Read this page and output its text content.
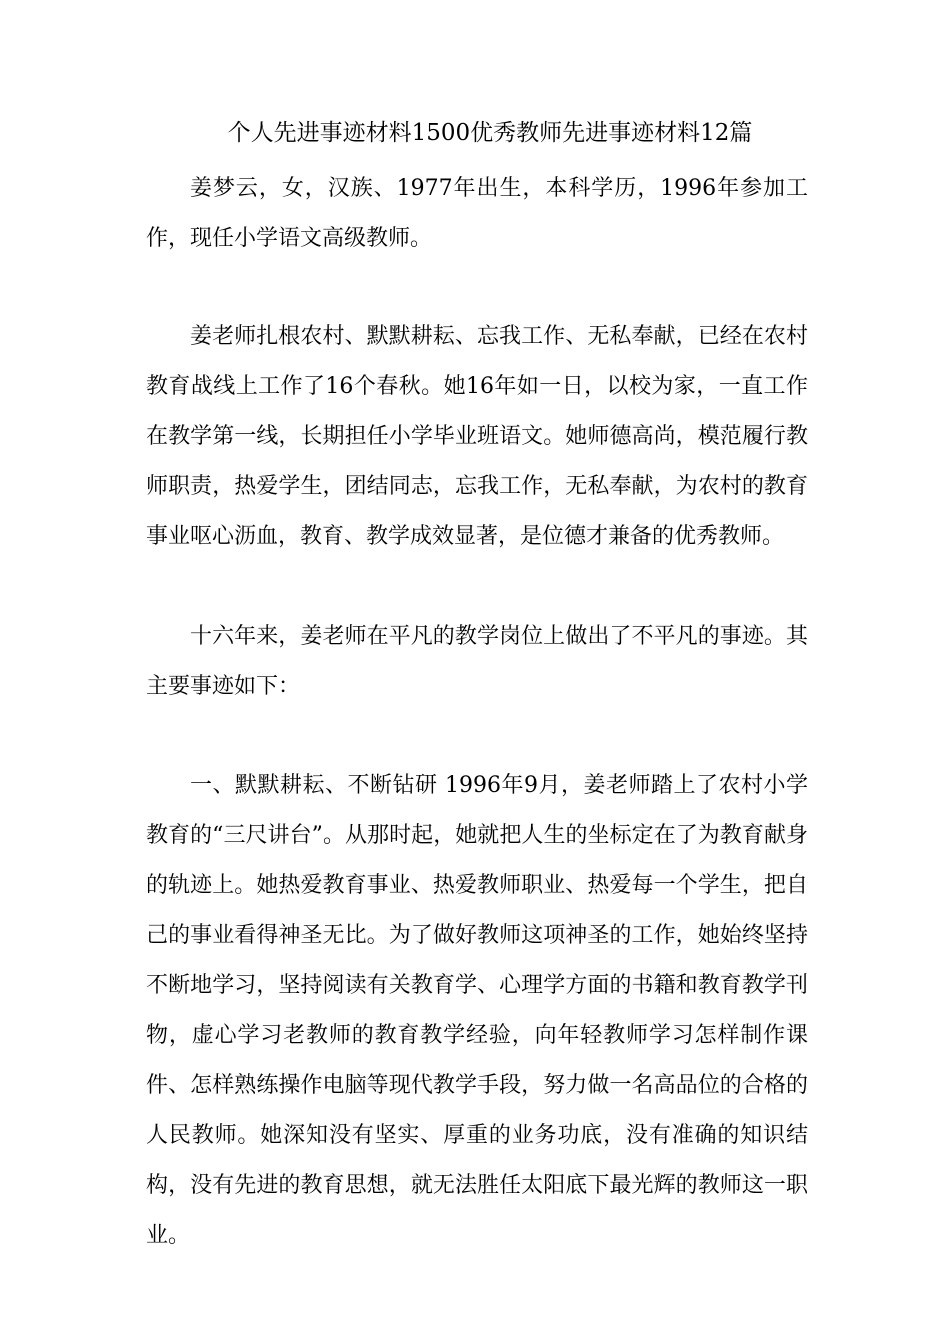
个人先进事迹材料1500优秀教师先进事迹材料12篇

姜梦云，女，汉族、1977年出生，本科学历，1996年参加工作，现任小学语文高级教师。

姜老师扎根农村、默默耕耘、忘我工作、无私奉献，已经在农村教育战线上工作了16个春秋。她16年如一日，以校为家，一直工作在教学第一线，长期担任小学毕业班语文。她师德高尚，模范履行教师职责，热爱学生，团结同志，忘我工作，无私奉献，为农村的教育事业呕心沥血，教育、教学成效显著，是位德才兼备的优秀教师。

十六年来，姜老师在平凡的教学岗位上做出了不平凡的事迹。其主要事迹如下：

一、默默耕耘、不断钻研 1996年9月，姜老师踏上了农村小学教育的“三尺讲台”。从那时起，她就把人生的坐标定在了为教育献身的轨迹上。她热爱教育事业、热爱教师职业、热爱每一个学生，把自己的事业看得神圣无比。为了做好教师这项神圣的工作，她始终坚持不断地学习，坚持阅读有关教育学、心理学方面的书籍和教育教学刊物，虚心学习老教师的教育教学经验，向年轻教师学习怎样制作课件、怎样熟练操作电脑等现代教学手段，努力做一名高品位的合格的人民教师。她深知没有坚实、厚重的业务功底，没有准确的知识结构，没有先进的教育思想，就无法胜任太阳底下最光辉的教师这一职业。
